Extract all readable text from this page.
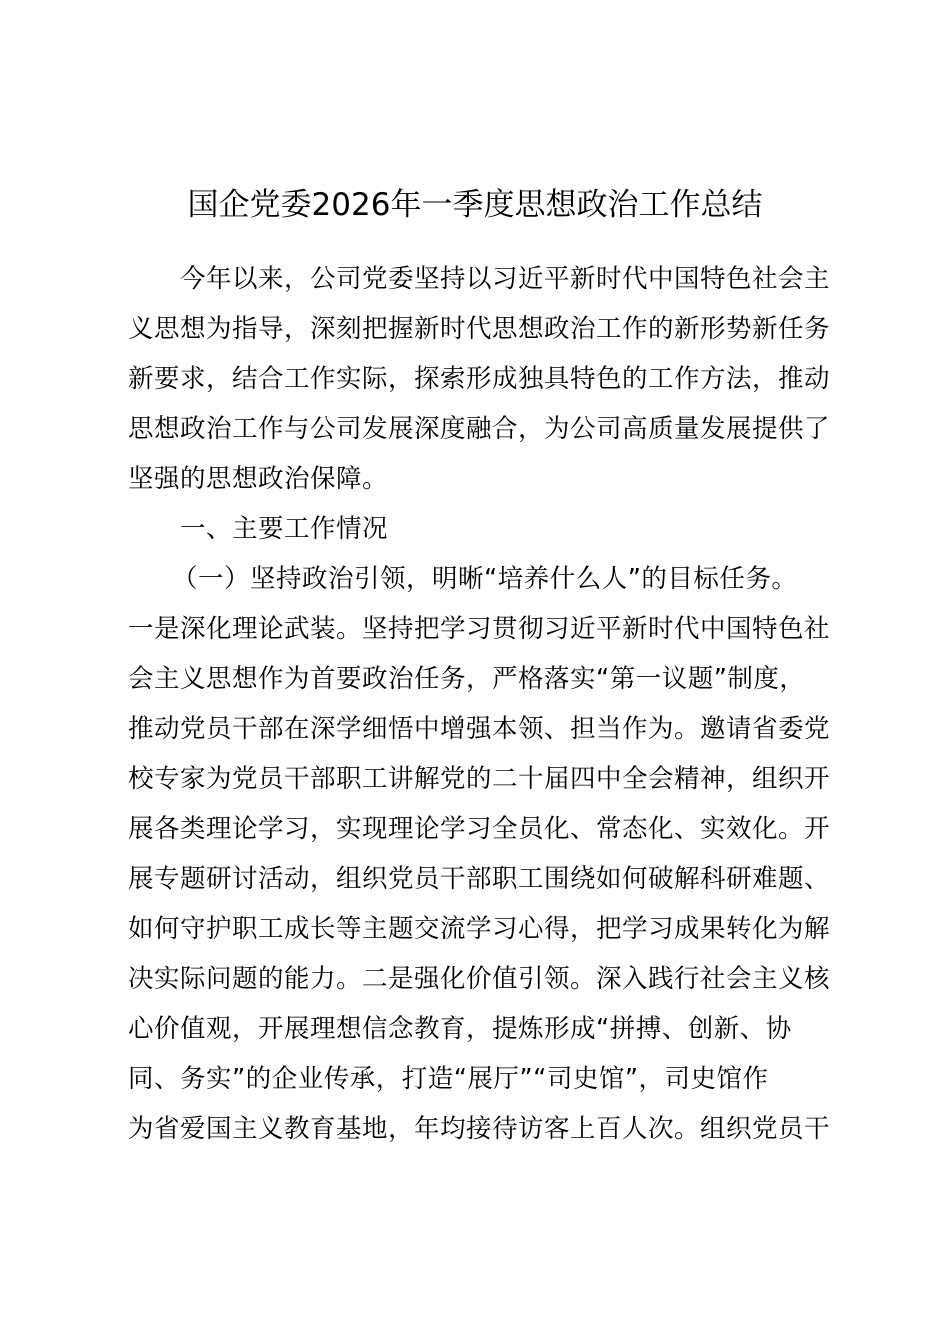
国企党委2026年一季度思想政治工作总结
今年以来，公司党委坚持以习近平新时代中国特色社会主
义思想为指导，深刻把握新时代思想政治工作的新形势新任务
新要求，结合工作实际，探索形成独具特色的工作方法，推动
思想政治工作与公司发展深度融合，为公司高质量发展提供了
坚强的思想政治保障。
一、主要工作情况
（一）坚持政治引领，明晰“培养什么人”的目标任务。
一是深化理论武装。坚持把学习贯彻习近平新时代中国特色社
会主义思想作为首要政治任务，严格落实“第一议题”制度，
推动党员干部在深学细悟中增强本领、担当作为。邀请省委党
校专家为党员干部职工讲解党的二十届四中全会精神，组织开
展各类理论学习，实现理论学习全员化、常态化、实效化。开
展专题研讨活动，组织党员干部职工围绕如何破解科研难题、
如何守护职工成长等主题交流学习心得，把学习成果转化为解
决实际问题的能力。二是强化价值引领。深入践行社会主义核
心价值观，开展理想信念教育，提炼形成“拼搏、创新、协
同、务实”的企业传承，打造“展厅”“司史馆”，司史馆作
为省爱国主义教育基地，年均接待访客上百人次。组织党员干
